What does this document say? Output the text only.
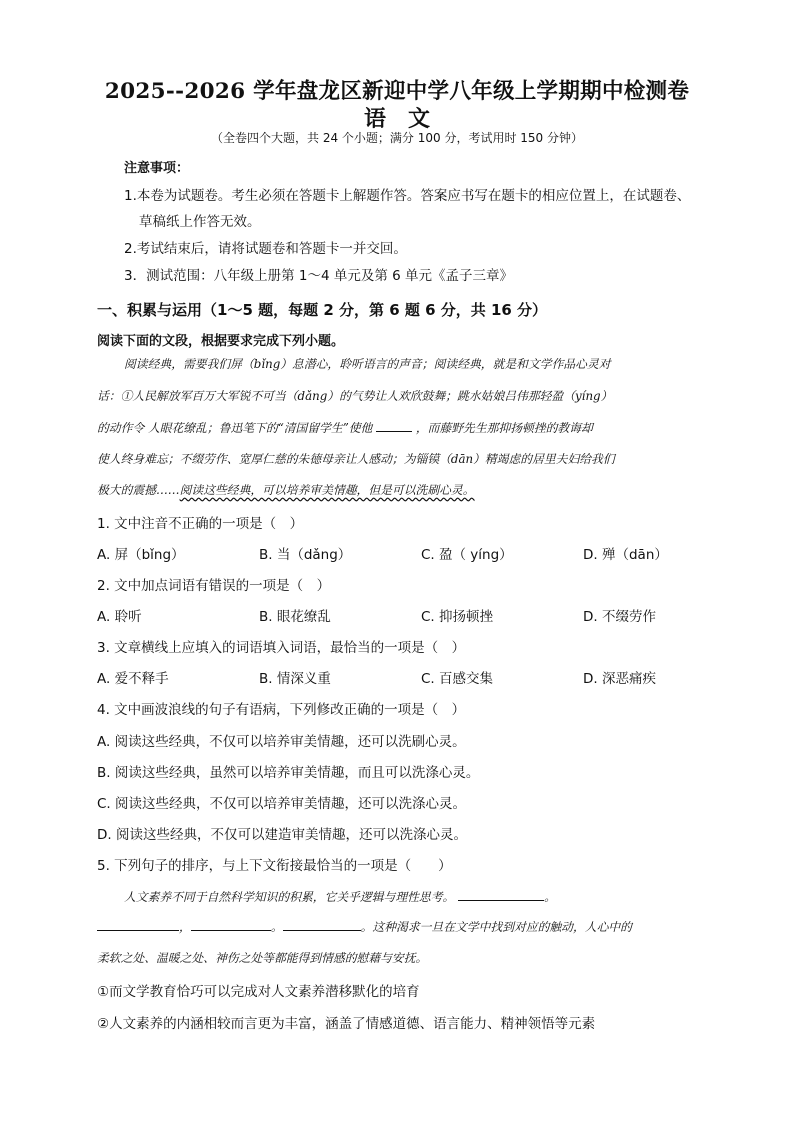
2025--2026 学年盘龙区新迎中学八年级上学期期中检测卷
语　文
（全卷四个大题，共 24 个小题；满分 100 分，考试用时 150 分钟）
注意事项：
1.本卷为试题卷。考生必须在答题卡上解题作答。答案应书写在题卡的相应位置上，在试题卷、
草稿纸上作答无效。
2.考试结束后，请将试题卷和答题卡一并交回。
3．测试范围：八年级上册第 1～4 单元及第 6 单元《孟子三章》
一、积累与运用（1～5 题，每题 2 分，第 6 题 6 分，共 16 分）
阅读下面的文段，根据要求完成下列小题。
阅读经典，需要我们屏（bǐng）息潜心，聆听语言的声音；阅读经典，就是和文学作品心灵对
话：①人民解放军百万大军锐不可当（dǎng）的气势让人欢欣鼓舞；跳水姑娘吕伟那轻盈（yíng）
的动作令 人眼花缭乱；鲁迅笔下的“清国留学生”使他	，而藤野先生那抑扬顿挫的教诲却
使人终身难忘；不缀劳作、宽厚仁慈的朱德母亲让人感动；为锱镆（dān）精竭虑的居里夫妇给我们
极大的震撼……阅读这些经典，可以培养审美情趣，但是可以洗刷心灵。
1. 文中注音不正确的一项是（　）
A. 屏（bǐng）	B. 当（dǎng）	C. 盈（ yíng）	D. 殚（dān）
2. 文中加点词语有错误的一项是（　）
A. 聆听	B. 眼花缭乱	C. 抑扬顿挫	D. 不缀劳作
3. 文章横线上应填入的词语填入词语，最恰当的一项是（　）
A. 爱不释手	B. 情深义重	C. 百感交集	D. 深恶痛疾
4. 文中画波浪线的句子有语病，下列修改正确的一项是（　）
A. 阅读这些经典，不仅可以培养审美情趣，还可以洗刷心灵。
B. 阅读这些经典，虽然可以培养审美情趣，而且可以洗涤心灵。
C. 阅读这些经典，不仅可以培养审美情趣，还可以洗涤心灵。
D. 阅读这些经典，不仅可以建造审美情趣，还可以洗涤心灵。
5. 下列句子的排序，与上下文衔接最恰当的一项是（　　）
人文素养不同于自然科学知识的积累，它关乎逻辑与理性思考。	。
，	。	。这种渴求一旦在文学中找到对应的触动，人心中的
柔软之处、温暖之处、神伤之处等都能得到情感的慰藉与安抚。
①而文学教育恰巧可以完成对人文素养潜移默化的培育
②人文素养的内涵相较而言更为丰富，涵盖了情感道德、语言能力、精神领悟等元素
